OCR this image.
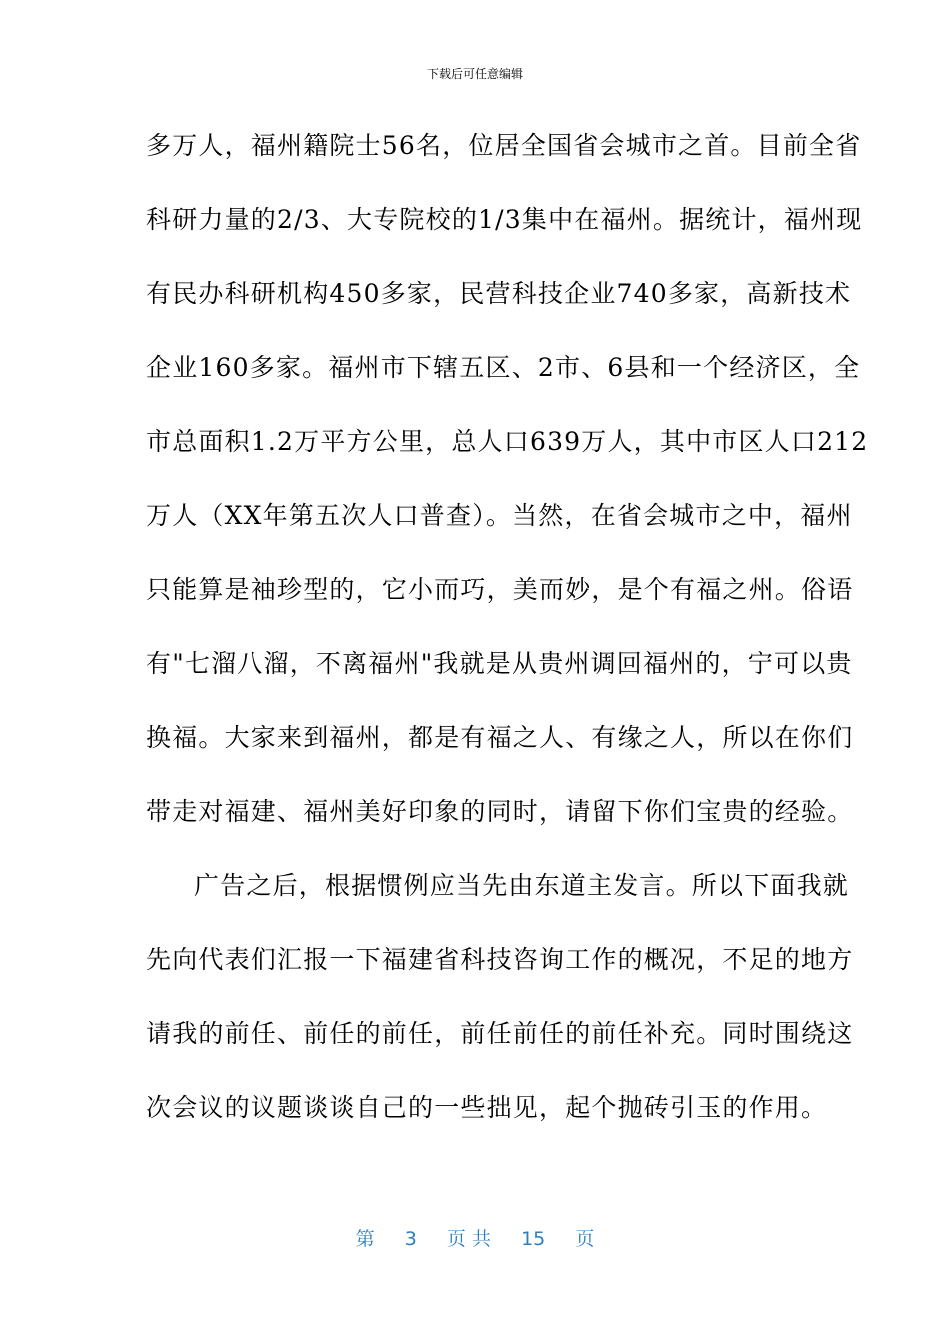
下载后可任意编辑
多万人，福州籍院士56名，位居全国省会城市之首。目前全省
科研力量的2/3、大专院校的1/3集中在福州。据统计，福州现
有民办科研机构450多家，民营科技企业740多家，高新技术
企业160多家。福州市下辖五区、2市、6县和一个经济区，全
市总面积1.2万平方公里，总人口639万人，其中市区人口212
万人（XX年第五次人口普查）。当然，在省会城市之中，福州
只能算是袖珍型的，它小而巧，美而妙，是个有福之州。俗语
有"七溜八溜，不离福州"我就是从贵州调回福州的，宁可以贵
换福。大家来到福州，都是有福之人、有缘之人，所以在你们
带走对福建、福州美好印象的同时，请留下你们宝贵的经验。
广告之后，根据惯例应当先由东道主发言。所以下面我就
先向代表们汇报一下福建省科技咨询工作的概况，不足的地方
请我的前任、前任的前任，前任前任的前任补充。同时围绕这
次会议的议题谈谈自己的一些拙见，起个抛砖引玉的作用。
第 3 页 共 15 页
